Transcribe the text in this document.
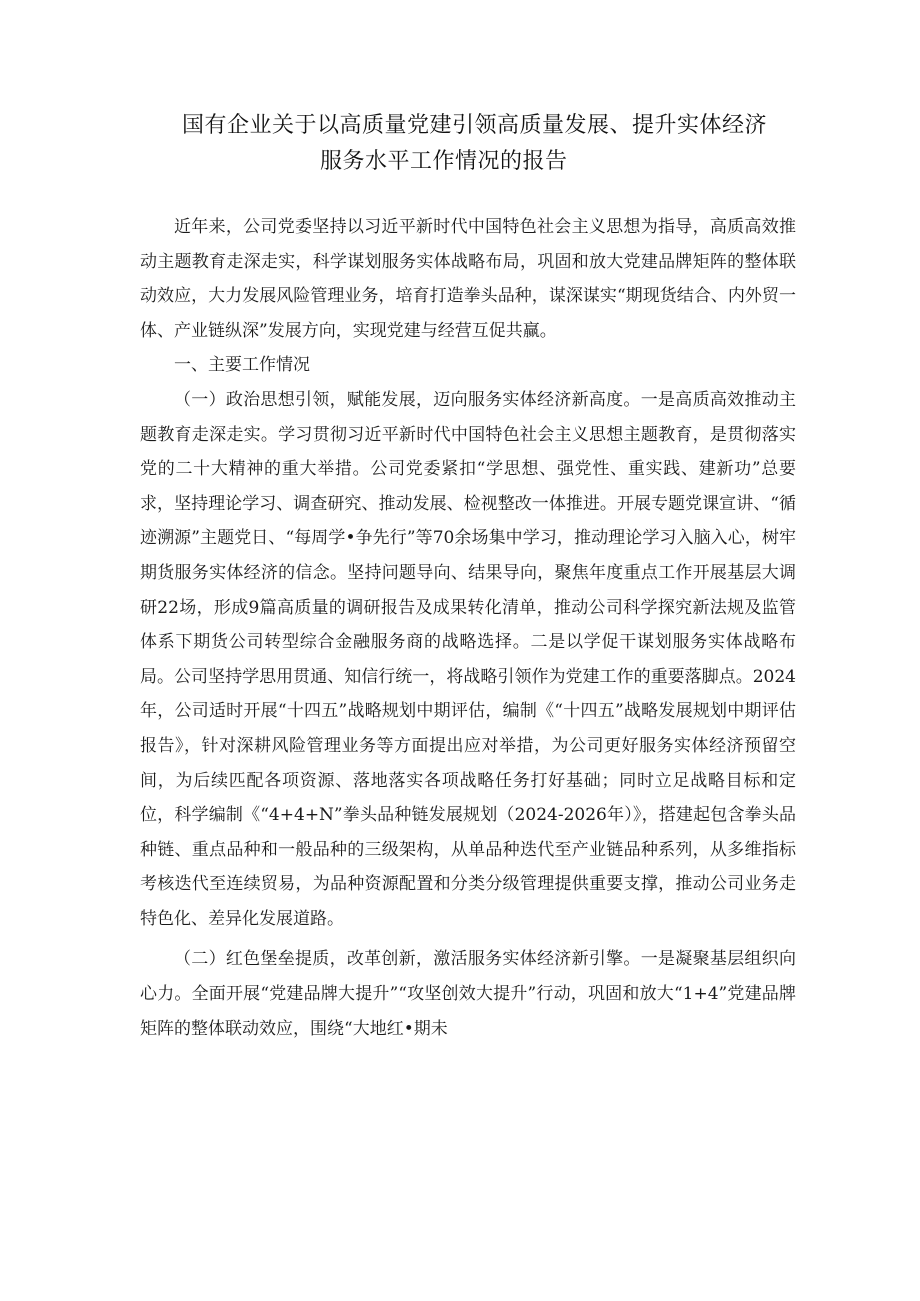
国有企业关于以高质量党建引领高质量发展、提升实体经济
服务水平工作情况的报告

近年来，公司党委坚持以习近平新时代中国特色社会主义思想为指导，高质高效推动主题教育走深走实，科学谋划服务实体战略布局，巩固和放大党建品牌矩阵的整体联动效应，大力发展风险管理业务，培育打造拳头品种，谋深谋实“期现货结合、内外贸一体、产业链纵深”发展方向，实现党建与经营互促共赢。

一、主要工作情况

（一）政治思想引领，赋能发展，迈向服务实体经济新高度。一是高质高效推动主题教育走深走实。学习贯彻习近平新时代中国特色社会主义思想主题教育，是贯彻落实党的二十大精神的重大举措。公司党委紧扣“学思想、强党性、重实践、建新功”总要求，坚持理论学习、调查研究、推动发展、检视整改一体推进。开展专题党课宣讲、“循迹溯源”主题党日、“每周学•争先行”等70余场集中学习，推动理论学习入脑入心，树牢期货服务实体经济的信念。坚持问题导向、结果导向，聚焦年度重点工作开展基层大调研22场，形成9篇高质量的调研报告及成果转化清单，推动公司科学探究新法规及监管体系下期货公司转型综合金融服务商的战略选择。二是以学促干谋划服务实体战略布局。公司坚持学思用贯通、知信行统一，将战略引领作为党建工作的重要落脚点。2024年，公司适时开展“十四五”战略规划中期评估，编制《“十四五”战略发展规划中期评估报告》，针对深耕风险管理业务等方面提出应对举措，为公司更好服务实体经济预留空间，为后续匹配各项资源、落地落实各项战略任务打好基础；同时立足战略目标和定位，科学编制《“4+4+N”拳头品种链发展规划（2024-2026年）》，搭建起包含拳头品种链、重点品种和一般品种的三级架构，从单品种迭代至产业链品种系列，从多维指标考核迭代至连续贸易，为品种资源配置和分类分级管理提供重要支撑，推动公司业务走特色化、差异化发展道路。

（二）红色堡垒提质，改革创新，激活服务实体经济新引擎。一是凝聚基层组织向心力。全面开展“党建品牌大提升”“攻坚创效大提升”行动，巩固和放大“1+4”党建品牌矩阵的整体联动效应，围绕“大地红•期未
